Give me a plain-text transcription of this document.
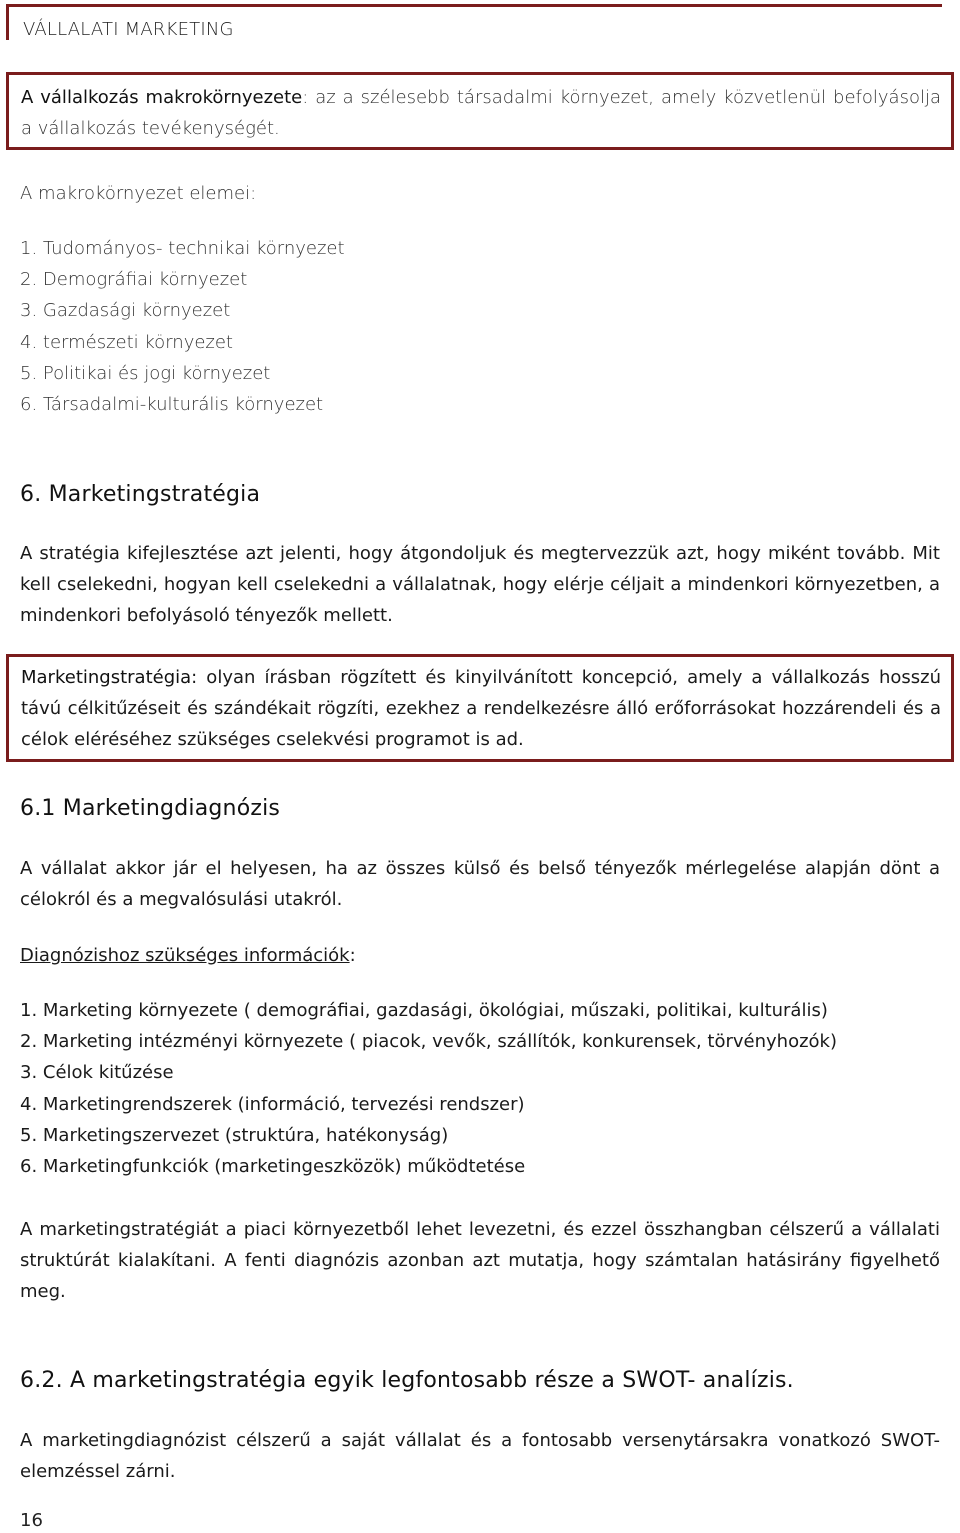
VÁLLALATI MARKETING

A vállalkozás makrokörnyezete: az a szélesebb társadalmi környezet, amely közvetlenül befolyásolja a vállalkozás tevékenységét.

A makrokörnyezet elemei:

1. Tudományos- technikai környezet
2. Demográfiai környezet
3. Gazdasági környezet
4. természeti környezet
5. Politikai és jogi környezet
6. Társadalmi-kulturális környezet
6. Marketingstratégia

A stratégia kifejlesztése azt jelenti, hogy átgondoljuk és megtervezzük azt, hogy miként tovább. Mit kell cselekedni, hogyan kell cselekedni a vállalatnak, hogy elérje céljait a mindenkori környezetben, a mindenkori befolyásoló tényezők mellett.

Marketingstratégia: olyan írásban rögzített és kinyilvánított koncepció, amely a vállalkozás hosszú távú célkitűzéseit és szándékait rögzíti, ezekhez a rendelkezésre álló erőforrásokat hozzárendeli és a célok eléréséhez szükséges cselekvési programot is ad.

6.1 Marketingdiagnózis

A vállalat akkor jár el helyesen, ha az összes külső és belső tényezők mérlegelése alapján dönt a célokról és a megvalósulási utakról.

Diagnózishoz szükséges információk:

1. Marketing környezete ( demográfiai, gazdasági, ökológiai, műszaki, politikai, kulturális)
2. Marketing intézményi környezete ( piacok, vevők, szállítók, konkurensek, törvényhozók)
3. Célok kitűzése
4. Marketingrendszerek (információ, tervezési rendszer)
5. Marketingszervezet (struktúra, hatékonyság)
6. Marketingfunkciók (marketingeszközök) működtetése

A marketingstratégiát a piaci környezetből lehet levezetni, és ezzel összhangban célszerű a vállalati struktúrát kialakítani. A fenti diagnózis azonban azt mutatja, hogy számtalan hatásirány figyelhető meg.

6.2. A marketingstratégia egyik legfontosabb része a SWOT- analízis.

A marketingdiagnózist célszerű a saját vállalat és a fontosabb versenytársakra vonatkozó SWOT- elemzéssel zárni.

16
